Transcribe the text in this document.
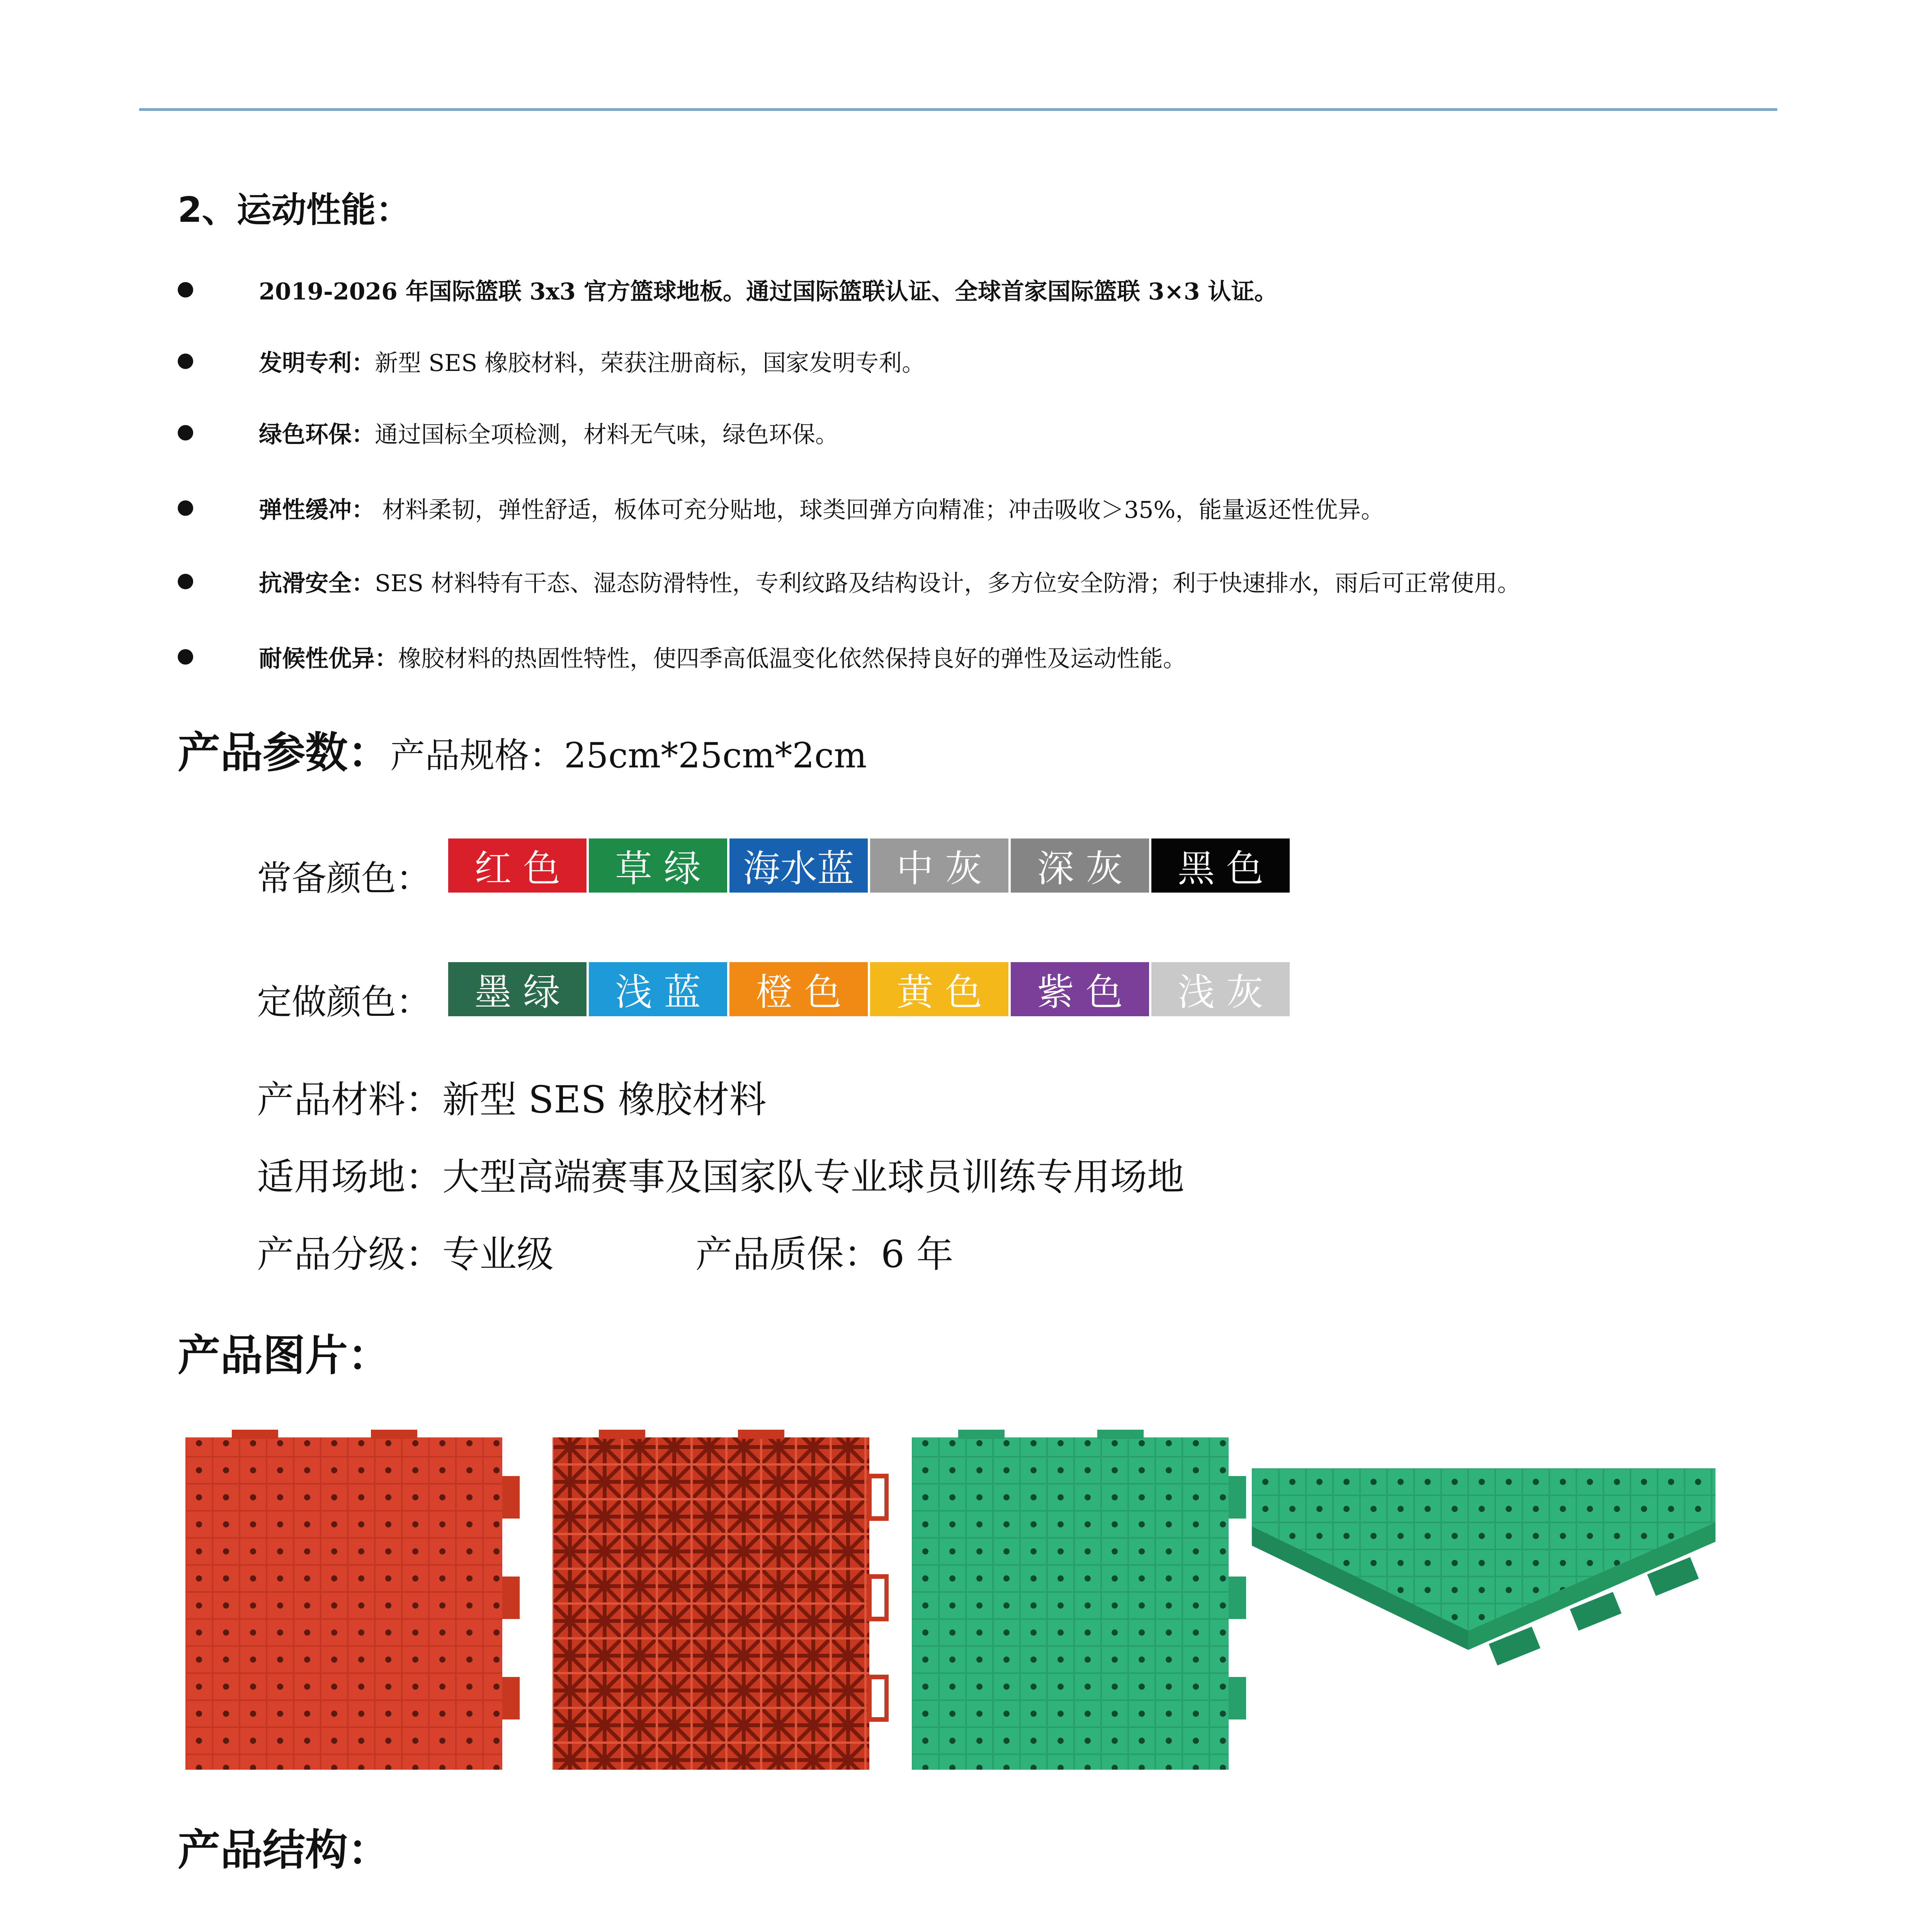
2、运动性能：
2019-2026 年国际篮联 3x3 官方篮球地板。通过国际篮联认证、全球首家国际篮联 3×3 认证。
发明专利：新型 SES 橡胶材料，荣获注册商标，国家发明专利。
绿色环保：通过国标全项检测，材料无气味，绿色环保。
弹性缓冲： 材料柔韧，弹性舒适，板体可充分贴地，球类回弹方向精准；冲击吸收＞35%，能量返还性优异。
抗滑安全：SES 材料特有干态、湿态防滑特性，专利纹路及结构设计，多方位安全防滑；利于快速排水，雨后可正常使用。
耐候性优异：橡胶材料的热固性特性，使四季高低温变化依然保持良好的弹性及运动性能。
产品参数： 产品规格：25cm*25cm*2cm
常备颜色：	红色	草绿 海水蓝	中灰	深灰	黑色
定做颜色：	墨绿	浅蓝	橙色	黄色	紫色	浅灰
产品材料：新型 SES 橡胶材料
适用场地：大型高端赛事及国家队专业球员训练专用场地
产品分级：专业级	产品质保：6 年
产品图片：
产品结构：
